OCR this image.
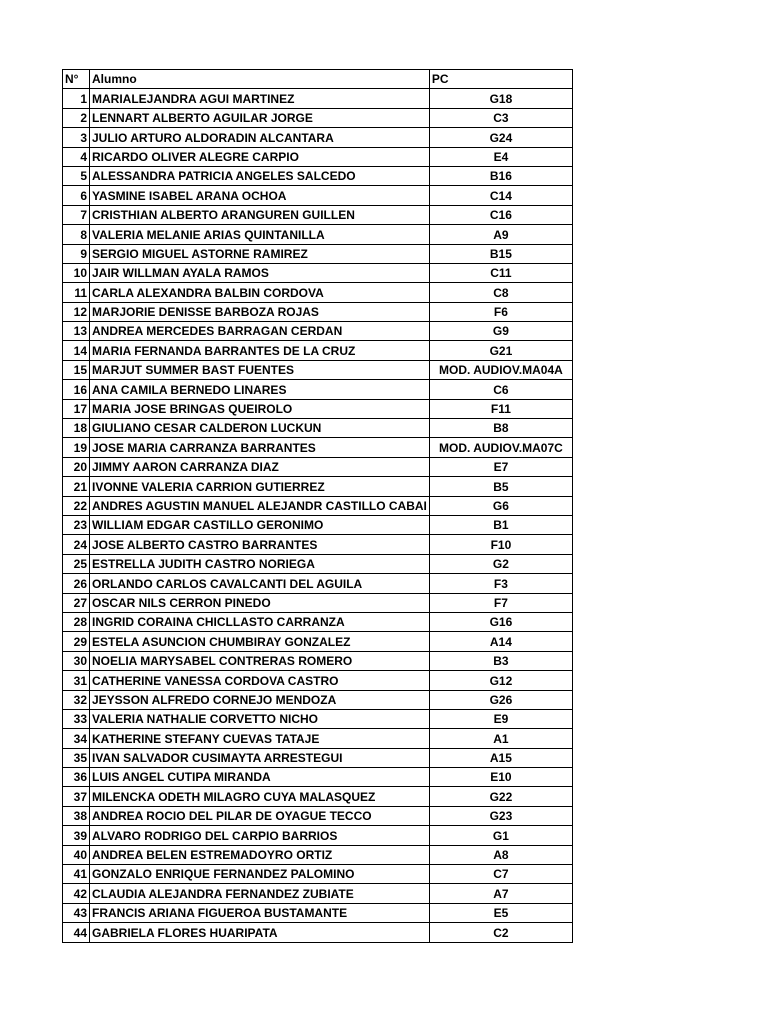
N°	Alumno	PC
1	MARIALEJANDRA AGUI MARTINEZ	G18
2	LENNART ALBERTO AGUILAR JORGE	C3
3	JULIO ARTURO ALDORADIN ALCANTARA	G24
4	RICARDO OLIVER ALEGRE CARPIO	E4
5	ALESSANDRA PATRICIA ANGELES SALCEDO	B16
6	YASMINE ISABEL ARANA OCHOA	C14
7	CRISTHIAN ALBERTO ARANGUREN GUILLEN	C16
8	VALERIA MELANIE ARIAS QUINTANILLA	A9
9	SERGIO MIGUEL ASTORNE RAMIREZ	B15
10	JAIR WILLMAN AYALA RAMOS	C11
11	CARLA ALEXANDRA BALBIN CORDOVA	C8
12	MARJORIE DENISSE BARBOZA ROJAS	F6
13	ANDREA MERCEDES BARRAGAN CERDAN	G9
14	MARIA FERNANDA BARRANTES DE LA CRUZ	G21
15	MARJUT SUMMER BAST FUENTES	MOD. AUDIOV.MA04A
16	ANA CAMILA BERNEDO LINARES	C6
17	MARIA JOSE BRINGAS QUEIROLO	F11
18	GIULIANO CESAR CALDERON LUCKUN	B8
19	JOSE MARIA CARRANZA BARRANTES	MOD. AUDIOV.MA07C
20	JIMMY AARON CARRANZA DIAZ	E7
21	IVONNE VALERIA CARRION GUTIERREZ	B5
22	ANDRES AGUSTIN MANUEL ALEJANDR CASTILLO CABAI	G6
23	WILLIAM EDGAR CASTILLO GERONIMO	B1
24	JOSE ALBERTO CASTRO BARRANTES	F10
25	ESTRELLA JUDITH CASTRO NORIEGA	G2
26	ORLANDO CARLOS CAVALCANTI DEL AGUILA	F3
27	OSCAR NILS CERRON PINEDO	F7
28	INGRID CORAINA CHICLLASTO CARRANZA	G16
29	ESTELA ASUNCION CHUMBIRAY GONZALEZ	A14
30	NOELIA MARYSABEL CONTRERAS ROMERO	B3
31	CATHERINE VANESSA CORDOVA CASTRO	G12
32	JEYSSON ALFREDO CORNEJO MENDOZA	G26
33	VALERIA NATHALIE CORVETTO NICHO	E9
34	KATHERINE STEFANY CUEVAS TATAJE	A1
35	IVAN SALVADOR CUSIMAYTA ARRESTEGUI	A15
36	LUIS ANGEL CUTIPA MIRANDA	E10
37	MILENCKA ODETH MILAGRO CUYA MALASQUEZ	G22
38	ANDREA ROCIO DEL PILAR DE OYAGUE TECCO	G23
39	ALVARO RODRIGO DEL CARPIO BARRIOS	G1
40	ANDREA BELEN ESTREMADOYRO ORTIZ	A8
41	GONZALO ENRIQUE FERNANDEZ PALOMINO	C7
42	CLAUDIA ALEJANDRA FERNANDEZ ZUBIATE	A7
43	FRANCIS ARIANA FIGUEROA BUSTAMANTE	E5
44	GABRIELA FLORES HUARIPATA	C2
